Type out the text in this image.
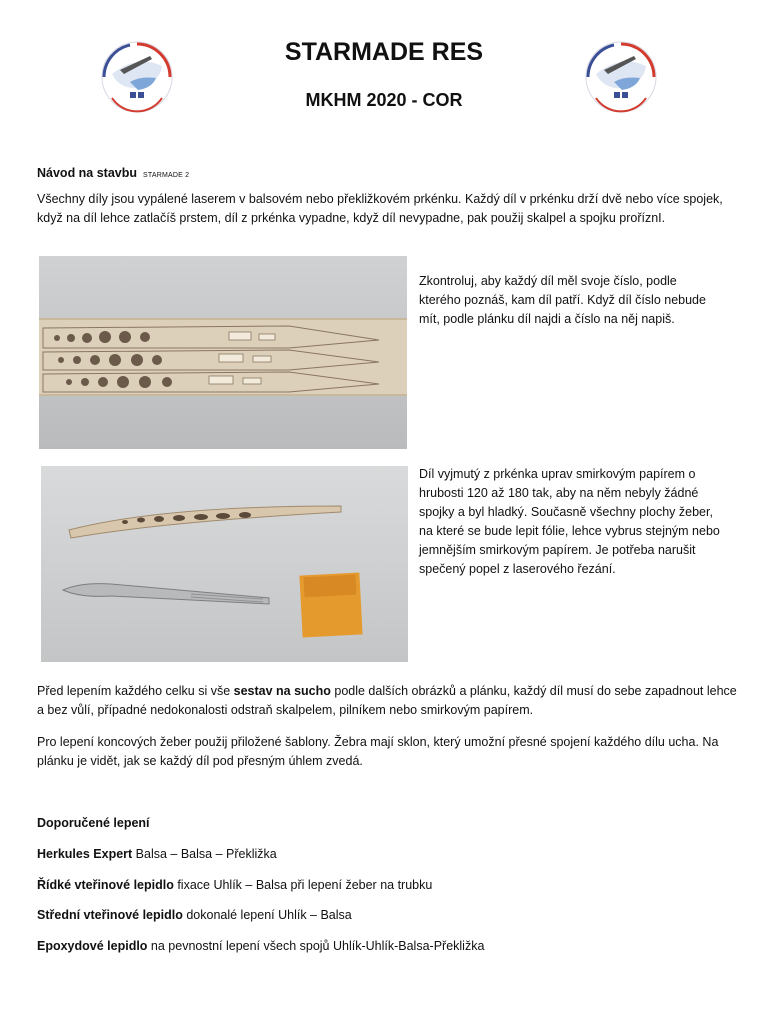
STARMADE RES
MKHM 2020 - COR

Návod na stavbu STARMADE 2

Všechny díly jsou vypálené laserem v balsovém nebo překližkovém prkénku. Každý díl v prkénku drží dvě nebo více spojek, když na díl lehce zatlačíš prstem, díl z prkénka vypadne, když díl nevypadne, pak použij skalpel a spojku proříznI.

Zkontroluj, aby každý díl měl svoje číslo, podle kterého poznáš, kam díl patří. Když díl číslo nebude mít, podle plánku díl najdi a číslo na něj napiš.

Díl vyjmutý z prkénka uprav smirkovým papírem o hrubosti 120 až 180 tak, aby na něm nebyly žádné spojky a byl hladký. Současně všechny plochy žeber, na které se bude lepit fólie, lehce vybrus stejným nebo jemnějším smirkovým papírem. Je potřeba narušit spečený popel z laserového řezání.

Před lepením každého celku si vše sestav na sucho podle dalších obrázků a plánku, každý díl musí do sebe zapadnout lehce a bez vůlí, případné nedokonalosti odstraň skalpelem, pilníkem nebo smirkovým papírem.

Pro lepení koncových žeber použij přiložené šablony. Žebra mají sklon, který umožní přesné spojení každého dílu ucha. Na plánku je vidět, jak se každý díl pod přesným úhlem zvedá.

Doporučené lepení

Herkules Expert Balsa – Balsa – Překližka

Řídké vteřinové lepidlo fixace Uhlík – Balsa při lepení žeber na trubku

Střední vteřinové lepidlo dokonalé lepení Uhlík – Balsa

Epoxydové lepidlo na pevnostní lepení všech spojů Uhlík-Uhlík-Balsa-Překližka
